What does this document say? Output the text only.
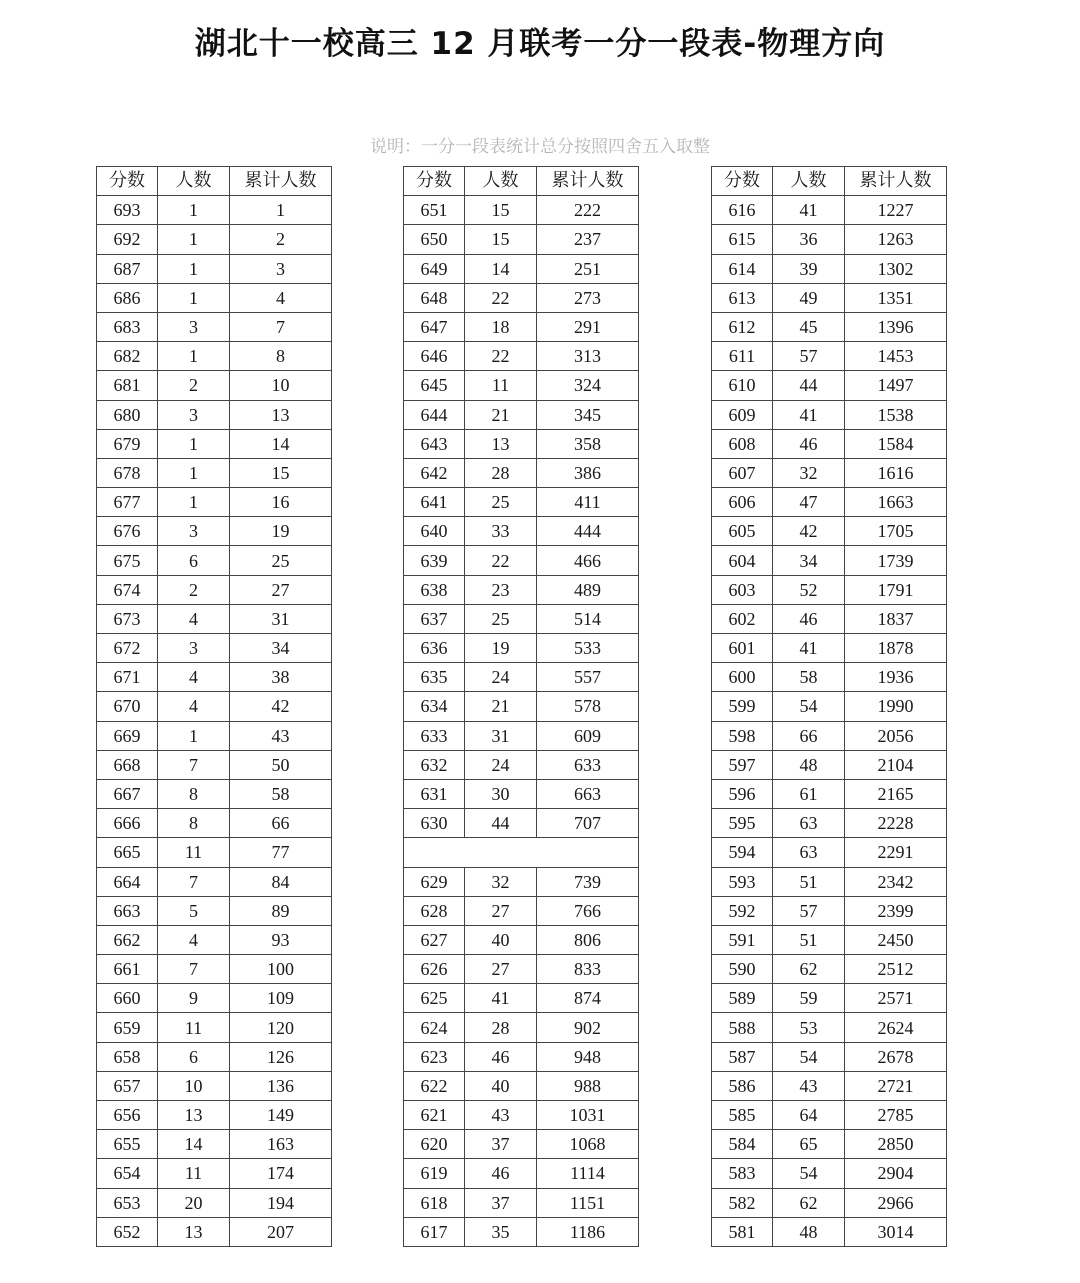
湖北十一校高三 12 月联考一分一段表-物理方向
说明：一分一段表统计总分按照四舍五入取整
分数	人数	累计人数
693	1	1
692	1	2
687	1	3
686	1	4
683	3	7
682	1	8
681	2	10
680	3	13
679	1	14
678	1	15
677	1	16
676	3	19
675	6	25
674	2	27
673	4	31
672	3	34
671	4	38
670	4	42
669	1	43
668	7	50
667	8	58
666	8	66
665	11	77
664	7	84
663	5	89
662	4	93
661	7	100
660	9	109
659	11	120
658	6	126
657	10	136
656	13	149
655	14	163
654	11	174
653	20	194
652	13	207
分数	人数	累计人数
651	15	222
650	15	237
649	14	251
648	22	273
647	18	291
646	22	313
645	11	324
644	21	345
643	13	358
642	28	386
641	25	411
640	33	444
639	22	466
638	23	489
637	25	514
636	19	533
635	24	557
634	21	578
633	31	609
632	24	633
631	30	663
630	44	707

629	32	739
628	27	766
627	40	806
626	27	833
625	41	874
624	28	902
623	46	948
622	40	988
621	43	1031
620	37	1068
619	46	1114
618	37	1151
617	35	1186
分数	人数	累计人数
616	41	1227
615	36	1263
614	39	1302
613	49	1351
612	45	1396
611	57	1453
610	44	1497
609	41	1538
608	46	1584
607	32	1616
606	47	1663
605	42	1705
604	34	1739
603	52	1791
602	46	1837
601	41	1878
600	58	1936
599	54	1990
598	66	2056
597	48	2104
596	61	2165
595	63	2228
594	63	2291
593	51	2342
592	57	2399
591	51	2450
590	62	2512
589	59	2571
588	53	2624
587	54	2678
586	43	2721
585	64	2785
584	65	2850
583	54	2904
582	62	2966
581	48	3014
